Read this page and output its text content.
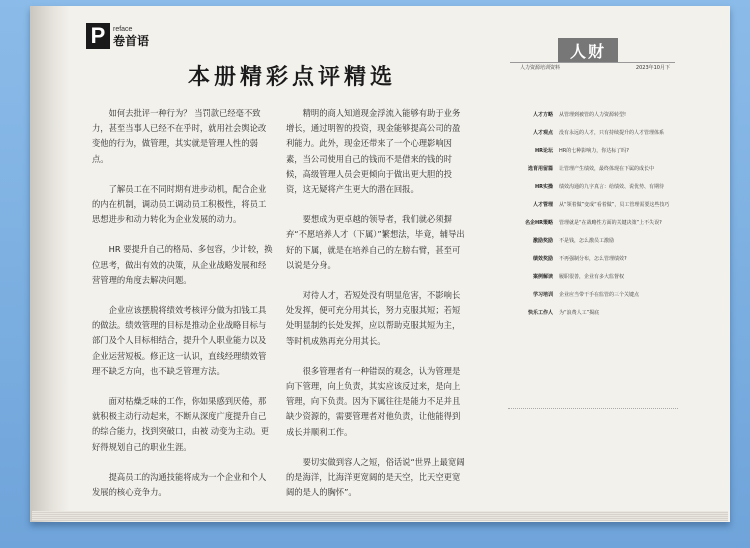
P	reface
卷首语
本册精彩点评精选

如何去批评一种行为？ 当罚款已经毫不致力，甚至当事人已经不在乎时，就用社会舆论改变他的行为，做管理，其实就是管理人性的弱点。

了解员工在不同时期有进步动机，配合企业的内在机制，调动员工调动员工积极性，将员工思想进步和动力转化为企业发展的动力。

HR 要提升自己的格局、多包容，少计较，换位思考，做出有效的决策，从企业战略发展和经营管理的角度去解决问题。

企业应该摆脱将绩效考核评分做为扣钱工具的做法。绩效管理的目标是推动企业战略目标与部门及个人目标相结合，提升个人职业能力以及企业运营短板。修正这一认识，直线经理绩效管理不缺乏方向，也不缺乏管理方法。

面对枯燥乏味的工作，你如果感到厌倦，那就积极主动行动起来，不断从深度广度提升自己的综合能力，找到突破口，由被 动变为主动。更好得规划自己的职业生涯。

提高员工的沟通技能将成为一个企业和个人发展的核心竞争力。

精明的商人知道现金浮流入能够有助于业务增长，通过明智的投资，现金能够提高公司的盈利能力。此外，现金还带来了一个心理影响因素，当公司使用自己的钱而不是借来的钱的时候，高级管理人员会更倾向于做出更大胆的投资，这无疑将产生更大的潜在回报。

要想成为更卓越的领导者，我们就必须摒弃“不愿培养人才（下属）”繁想法，毕竟，辅导出好的下属，就是在培养自己的左膀右臂，甚至可以说是分身。

对待人才，若短处没有明显危害，不影响长处发挥，便可充分用其长，努力克服其短；若短处明显制约长处发挥，应以帮助克服其短为主，等时机成熟再充分用其长。

很多管理者有一种错误的观念，认为管理是向下管理，向上负责，其实应该反过来，是向上管理，向下负责。因为下属往往是能力不足并且缺少资源的，需要管理者对他负责，让他能得到成长并顺利工作。

要切实做到容人之短，俗话说“世界上最宽阔的是海洋，比海洋更宽阔的是天空，比天空更宽阔的是人的胸怀”。

人财
人力资源培训资料	2023年10月下
人才方略	从管理到被管的人力资源转型!
人才观点	没有永远的人才，只有持续提升的人才管理体系
HR论坛	HR的七种影响力，你达标了吗?
选育用留篇	让管理产生绩效，最终体现在下属的成长中
HR实操	绩效沟通的九字真言：给绩效、说优势、有期待
人才管理	从“领着做”变成“看着做”，员工管理需要这些技巧
名企HR策略	管理就是“在战略性方面的关键决策”上不失误?
激励奖励	不是钱，怎么激员工激励
绩效奖励	不再强制分布，怎么管理绩效?
案例解读	履职很善，企业有多大监督权
学习培训	企业应当带干手在监管的三个关键点
快乐工作人	为“浪费人工”揭底
